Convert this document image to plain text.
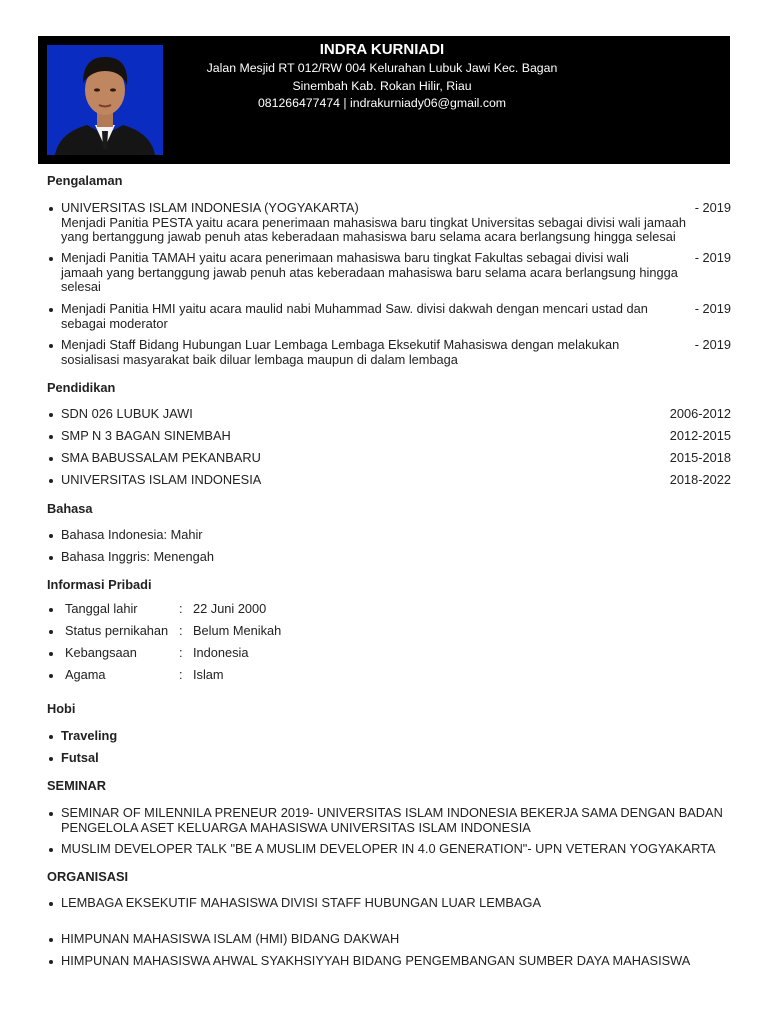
INDRA KURNIADI
Jalan Mesjid RT 012/RW 004 Kelurahan Lubuk Jawi Kec. Bagan
Sinembah Kab. Rokan Hilir, Riau
081266477474 | indrakurniady06@gmail.com
Pengalaman
UNIVERSITAS ISLAM INDONESIA (YOGYAKARTA)
Menjadi Panitia PESTA yaitu acara penerimaan mahasiswa baru tingkat Universitas sebagai divisi wali jamaah
yang bertanggung jawab penuh atas keberadaan mahasiswa baru selama acara berlangsung hingga selesai
- 2019
Menjadi Panitia TAMAH yaitu acara penerimaan mahasiswa baru tingkat Fakultas sebagai divisi wali
jamaah yang bertanggung jawab penuh atas keberadaan mahasiswa baru selama acara berlangsung hingga
selesai
- 2019
Menjadi Panitia HMI yaitu acara maulid nabi Muhammad Saw. divisi dakwah dengan mencari ustad dan
sebagai moderator
- 2019
Menjadi Staff Bidang Hubungan Luar Lembaga Lembaga Eksekutif Mahasiswa dengan melakukan
sosialisasi masyarakat baik diluar lembaga maupun di dalam lembaga
- 2019
Pendidikan
SDN 026 LUBUK JAWI	2006-2012
SMP N 3 BAGAN SINEMBAH	2012-2015
SMA BABUSSALAM PEKANBARU	2015-2018
UNIVERSITAS ISLAM INDONESIA	2018-2022
Bahasa
Bahasa Indonesia: Mahir
Bahasa Inggris: Menengah
Informasi Pribadi
Tanggal lahir	: 22 Juni 2000
Status pernikahan : Belum Menikah
Kebangsaan	: Indonesia
Agama	: Islam
Hobi
Traveling
Futsal
SEMINAR
SEMINAR OF MILENNILA PRENEUR 2019- UNIVERSITAS ISLAM INDONESIA BEKERJA SAMA DENGAN BADAN
PENGELOLA ASET KELUARGA MAHASISWA UNIVERSITAS ISLAM INDONESIA
MUSLIM DEVELOPER TALK "BE A MUSLIM DEVELOPER IN 4.0 GENERATION"- UPN VETERAN YOGYAKARTA
ORGANISASI
LEMBAGA EKSEKUTIF MAHASISWA DIVISI STAFF HUBUNGAN LUAR LEMBAGA
HIMPUNAN MAHASISWA ISLAM (HMI) BIDANG DAKWAH
HIMPUNAN MAHASISWA AHWAL SYAKHSIYYAH BIDANG PENGEMBANGAN SUMBER DAYA MAHASISWA
